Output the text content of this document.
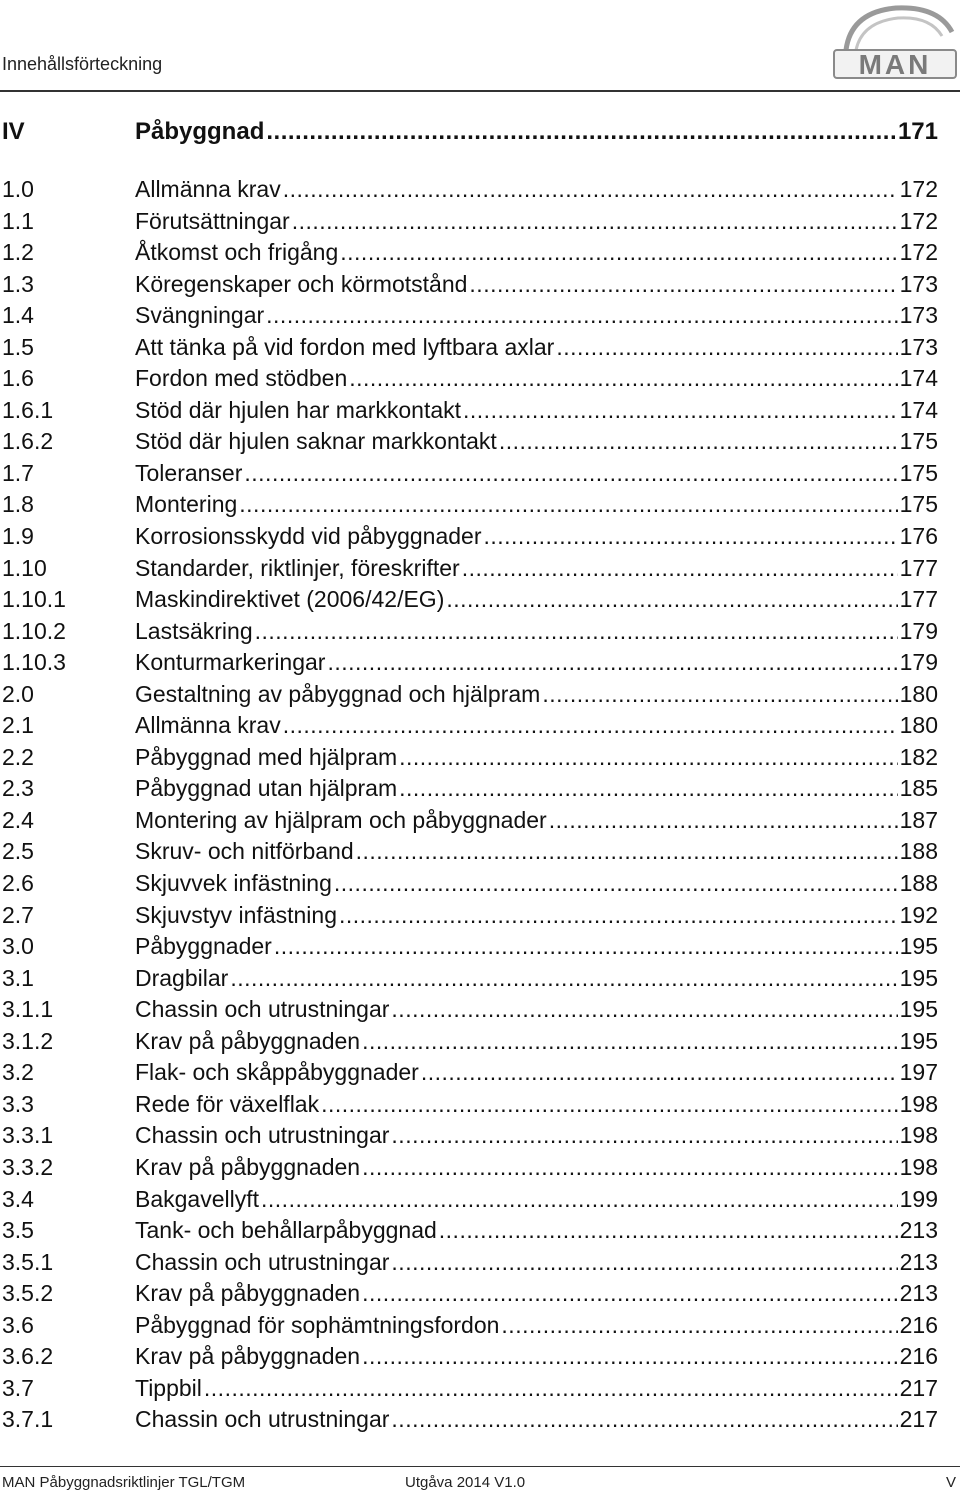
Innehållsförteckning	MAN
IV	Påbyggnad .....	171
1.0	Allmänna krav .....	172
1.1	Förutsättningar .....	172
1.2	Åtkomst och frigång .....	172
1.3	Köregenskaper och körmotstånd .....	173
1.4	Svängningar .....	173
1.5	Att tänka på vid fordon med lyftbara axlar .....	173
1.6	Fordon med stödben .....	174
1.6.1	Stöd där hjulen har markkontakt .....	174
1.6.2	Stöd där hjulen saknar markkontakt .....	175
1.7	Toleranser .....	175
1.8	Montering .....	175
1.9	Korrosionsskydd vid påbyggnader .....	176
1.10	Standarder, riktlinjer, föreskrifter .....	177
1.10.1	Maskindirektivet (2006/42/EG) .....	177
1.10.2	Lastsäkring .....	179
1.10.3	Konturmarkeringar .....	179
2.0	Gestaltning av påbyggnad och hjälpram .....	180
2.1	Allmänna krav .....	180
2.2	Påbyggnad med hjälpram .....	182
2.3	Påbyggnad utan hjälpram .....	185
2.4	Montering av hjälpram och påbyggnader .....	187
2.5	Skruv- och nitförband .....	188
2.6	Skjuvvek infästning .....	188
2.7	Skjuvstyv infästning .....	192
3.0	Påbyggnader .....	195
3.1	Dragbilar .....	195
3.1.1	Chassin och utrustningar .....	195
3.1.2	Krav på påbyggnaden .....	195
3.2	Flak- och skåppåbyggnader .....	197
3.3	Rede för växelflak .....	198
3.3.1	Chassin och utrustningar .....	198
3.3.2	Krav på påbyggnaden .....	198
3.4	Bakgavellyft .....	199
3.5	Tank- och behållarpåbyggnad .....	213
3.5.1	Chassin och utrustningar .....	213
3.5.2	Krav på påbyggnaden .....	213
3.6	Påbyggnad för sophämtningsfordon .....	216
3.6.2	Krav på påbyggnaden .....	216
3.7	Tippbil .....	217
3.7.1	Chassin och utrustningar .....	217
MAN Påbyggnadsriktlinjer TGL/TGM	Utgåva 2014 V1.0	V
